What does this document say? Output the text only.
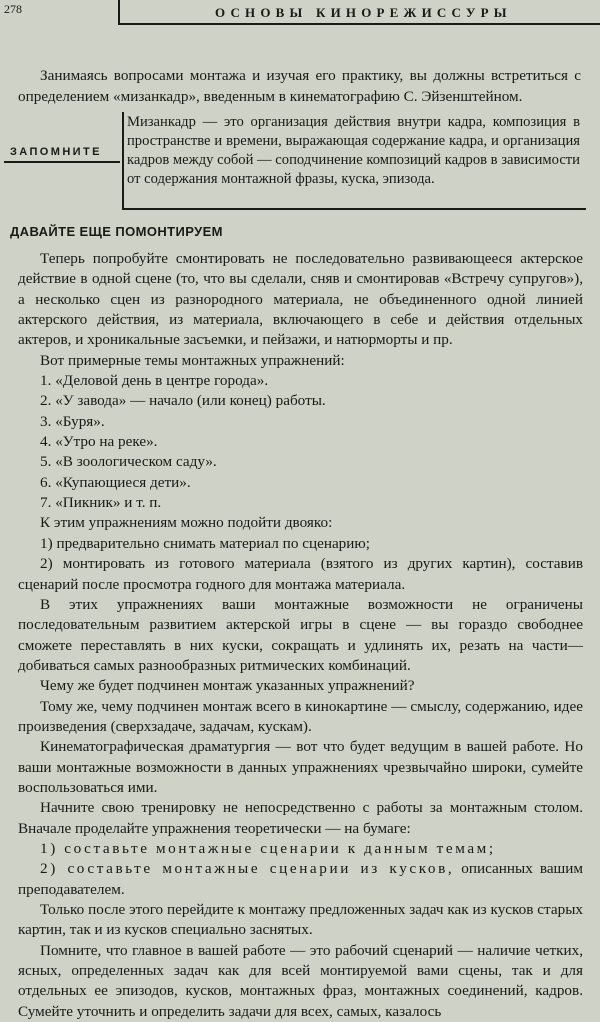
278	ОСНОВЫ КИНОРЕЖИССУРЫ

Занимаясь вопросами монтажа и изучая его практику, вы должны встретиться с определением «мизанкадр», введенным в кинематографию С. Эйзенштейном.

ЗАПОМНИТЕ

Мизанкадр — это организация действия внутри кадра, композиция в пространстве и времени, выражающая содержание кадра, и организация кадров между собой — соподчинение композиций кадров в зависимости от содержания монтажной фразы, куска, эпизода.

ДАВАЙТЕ ЕЩЕ ПОМОНТИРУЕМ

Теперь попробуйте смонтировать не последовательно развивающееся актерское действие в одной сцене (то, что вы сделали, сняв и смонтировав «Встречу супругов»), а несколько сцен из разнородного материала, не объединенного одной линией актерского действия, из материала, включающего в себе и действия отдельных актеров, и хроникальные засъемки, и пейзажи, и натюрморты и пр.

Вот примерные темы монтажных упражнений:

1. «Деловой день в центре города».

2. «У завода» — начало (или конец) работы.

3. «Буря».

4. «Утро на реке».

5. «В зоологическом саду».

6. «Купающиеся дети».

7. «Пикник» и т. п.

К этим упражнениям можно подойти двояко:

1) предварительно снимать материал по сценарию;

2) монтировать из готового материала (взятого из других картин), составив сценарий после просмотра годного для монтажа материала.

В этих упражнениях ваши монтажные возможности не ограничены последовательным развитием актерской игры в сцене — вы гораздо свободнее сможете переставлять в них куски, сокращать и удлинять их, резать на части—добиваться самых разнообразных ритмических комбинаций.

Чему же будет подчинен монтаж указанных упражнений?

Тому же, чему подчинен монтаж всего в кинокартине — смыслу, содержанию, идее произведения (сверхзадаче, задачам, кускам).

Кинематографическая драматургия — вот что будет ведущим в вашей работе. Но ваши монтажные возможности в данных упражнениях чрезвычайно широки, сумейте воспользоваться ими.

Начните свою тренировку не непосредственно с работы за монтажным столом. Вначале проделайте упражнения теоретически — на бумаге:

1) составьте монтажные сценарии к данным темам;

2) составьте монтажные сценарии из кусков, описанных вашим преподавателем.

Только после этого перейдите к монтажу предложенных задач как из кусков старых картин, так и из кусков специально заснятых.

Помните, что главное в вашей работе — это рабочий сценарий — наличие четких, ясных, определенных задач как для всей монтируемой вами сцены, так и для отдельных ее эпизодов, кусков, монтажных фраз, монтажных соединений, кадров. Сумейте уточнить и определить задачи для всех, самых, казалось
